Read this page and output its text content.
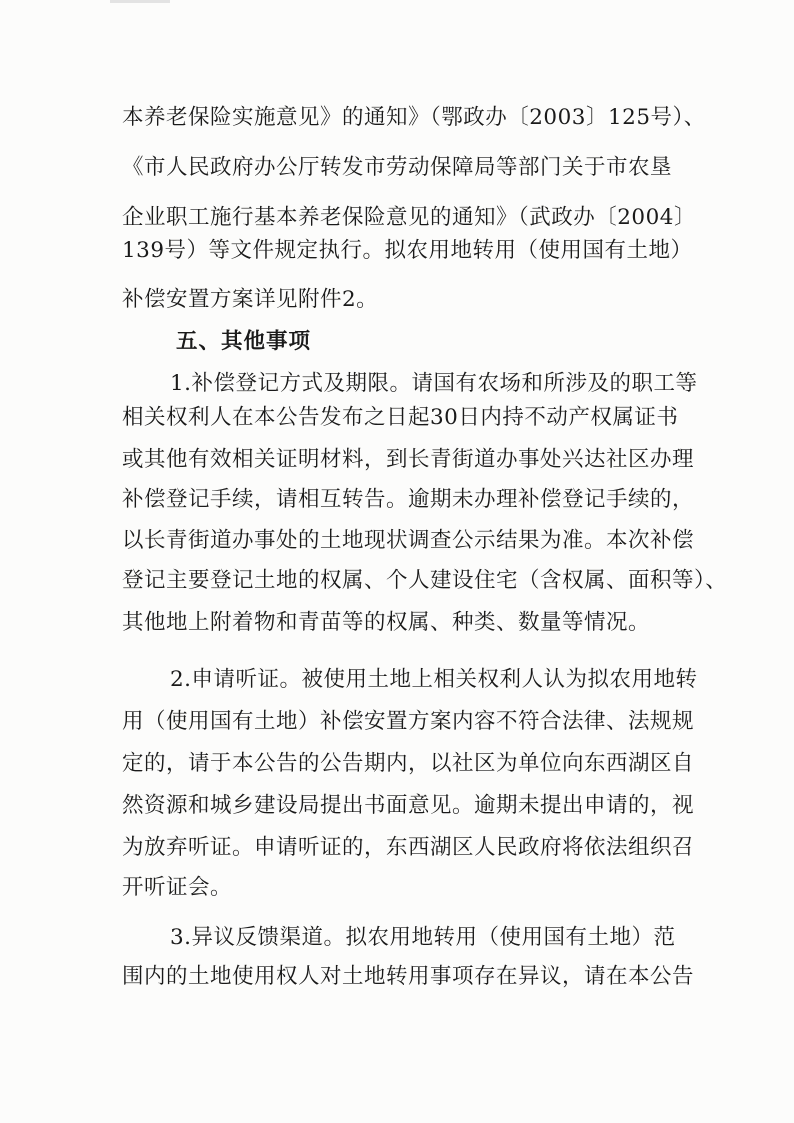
本养老保险实施意见》的通知》（鄂政办〔2003〕125号）、
《市人民政府办公厅转发市劳动保障局等部门关于市农垦
企业职工施行基本养老保险意见的通知》（武政办〔2004〕
139号）等文件规定执行。拟农用地转用（使用国有土地）
补偿安置方案详见附件2。
五、其他事项
1.补偿登记方式及期限。请国有农场和所涉及的职工等
相关权利人在本公告发布之日起30日内持不动产权属证书
或其他有效相关证明材料，到长青街道办事处兴达社区办理
补偿登记手续，请相互转告。逾期未办理补偿登记手续的，
以长青街道办事处的土地现状调查公示结果为准。本次补偿
登记主要登记土地的权属、个人建设住宅（含权属、面积等）、
其他地上附着物和青苗等的权属、种类、数量等情况。
2.申请听证。被使用土地上相关权利人认为拟农用地转
用（使用国有土地）补偿安置方案内容不符合法律、法规规
定的，请于本公告的公告期内，以社区为单位向东西湖区自
然资源和城乡建设局提出书面意见。逾期未提出申请的，视
为放弃听证。申请听证的，东西湖区人民政府将依法组织召
开听证会。
3.异议反馈渠道。拟农用地转用（使用国有土地）范
围内的土地使用权人对土地转用事项存在异议，请在本公告
